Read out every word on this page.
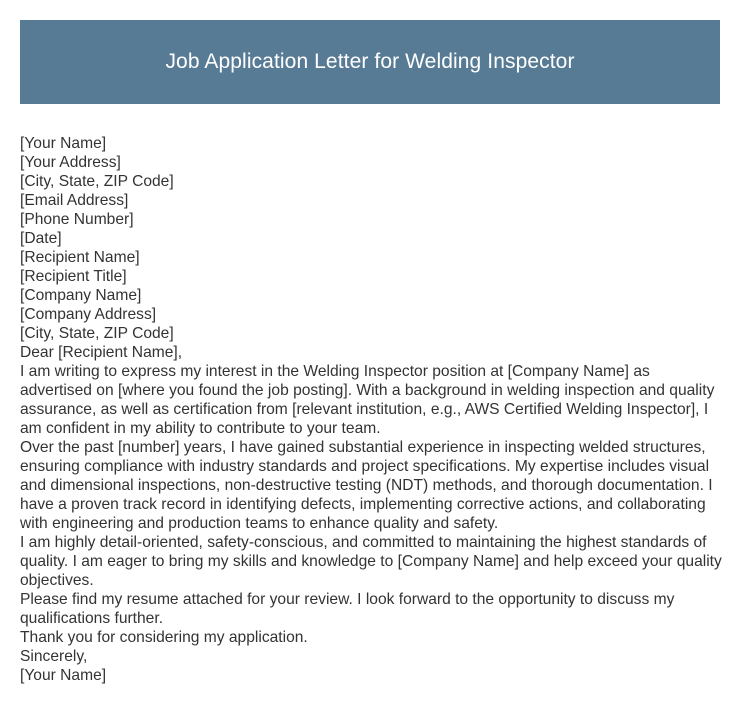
Job Application Letter for Welding Inspector
[Your Name]
[Your Address]
[City, State, ZIP Code]
[Email Address]
[Phone Number]
[Date]
[Recipient Name]
[Recipient Title]
[Company Name]
[Company Address]
[City, State, ZIP Code]
Dear [Recipient Name],

I am writing to express my interest in the Welding Inspector position at [Company Name] as advertised on [where you found the job posting]. With a background in welding inspection and quality assurance, as well as certification from [relevant institution, e.g., AWS Certified Welding Inspector], I am confident in my ability to contribute to your team.

Over the past [number] years, I have gained substantial experience in inspecting welded structures, ensuring compliance with industry standards and project specifications. My expertise includes visual and dimensional inspections, non-destructive testing (NDT) methods, and thorough documentation. I have a proven track record in identifying defects, implementing corrective actions, and collaborating with engineering and production teams to enhance quality and safety.

I am highly detail-oriented, safety-conscious, and committed to maintaining the highest standards of quality. I am eager to bring my skills and knowledge to [Company Name] and help exceed your quality objectives.

Please find my resume attached for your review. I look forward to the opportunity to discuss my qualifications further.

Thank you for considering my application.

Sincerely,
[Your Name]
